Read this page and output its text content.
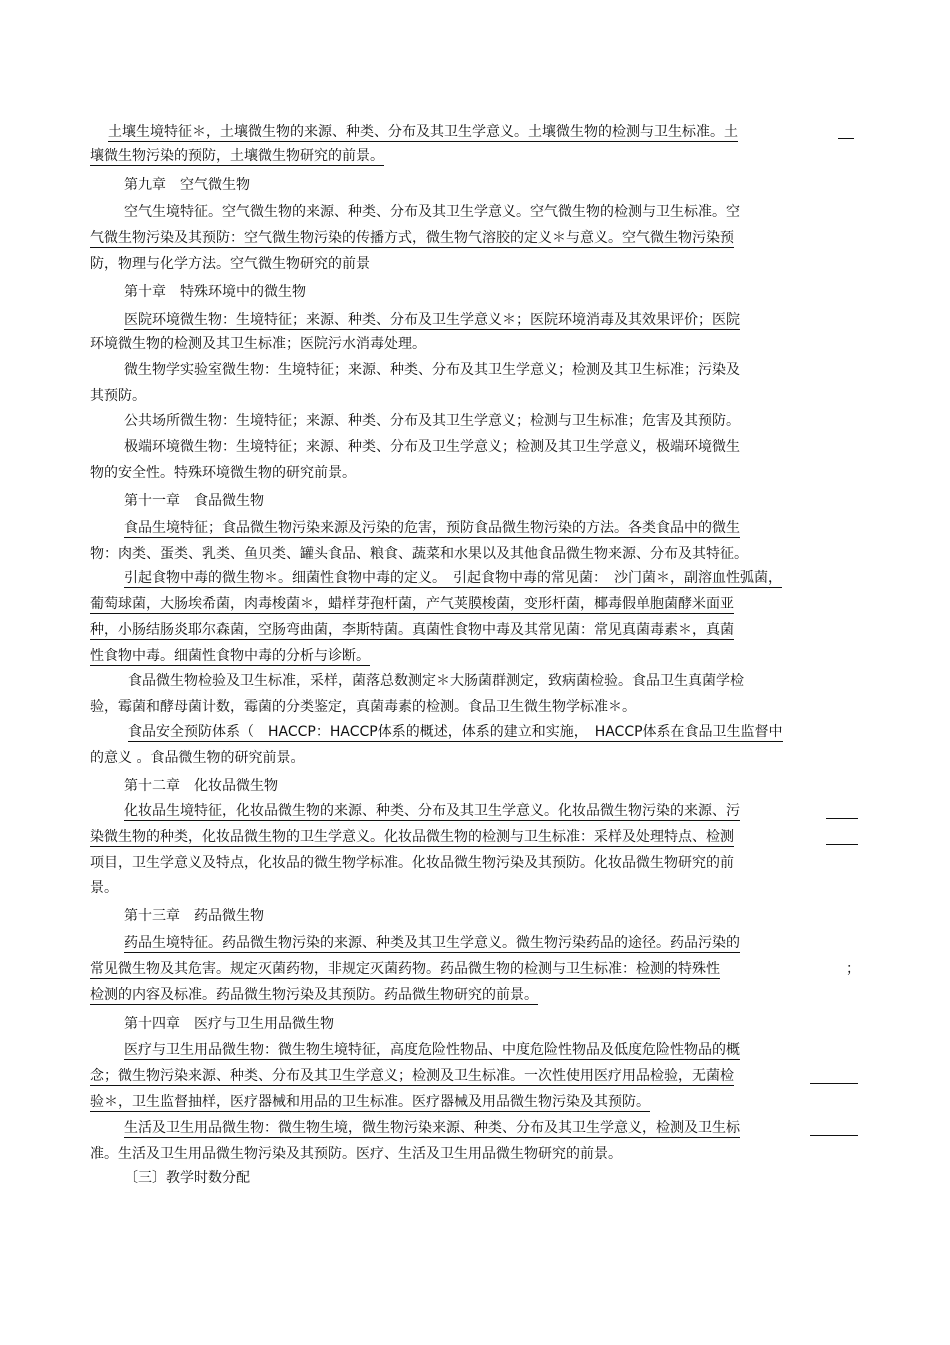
土壤生境特征＊，土壤微生物的来源、种类、分布及其卫生学意义。土壤微生物的检测与卫生标准。土
壤微生物污染的预防，土壤微生物研究的前景。
第九章　空气微生物
空气生境特征。空气微生物的来源、种类、分布及其卫生学意义。空气微生物的检测与卫生标准。空
气微生物污染及其预防：空气微生物污染的传播方式，微生物气溶胶的定义＊与意义。空气微生物污染预
防，物理与化学方法。空气微生物研究的前景
第十章　特殊环境中的微生物
医院环境微生物：生境特征；来源、种类、分布及卫生学意义＊；医院环境消毒及其效果评价；医院
环境微生物的检测及其卫生标准；医院污水消毒处理。
微生物学实验室微生物：生境特征；来源、种类、分布及其卫生学意义；检测及其卫生标准；污染及
其预防。
公共场所微生物：生境特征；来源、种类、分布及其卫生学意义；检测与卫生标准；危害及其预防。
极端环境微生物：生境特征；来源、种类、分布及卫生学意义；检测及其卫生学意义，极端环境微生
物的安全性。特殊环境微生物的研究前景。
第十一章　食品微生物
食品生境特征；食品微生物污染来源及污染的危害，预防食品微生物污染的方法。各类食品中的微生
物：肉类、蛋类、乳类、鱼贝类、罐头食品、粮食、蔬菜和水果以及其他食品微生物来源、分布及其特征。
引起食物中毒的微生物＊。细菌性食物中毒的定义。　引起食物中毒的常见菌：　沙门菌＊，副溶血性弧菌，
葡萄球菌，大肠埃希菌，肉毒梭菌＊，蜡样芽孢杆菌，产气荚膜梭菌，变形杆菌，椰毒假单胞菌酵米面亚
种，小肠结肠炎耶尔森菌，空肠弯曲菌，李斯特菌。真菌性食物中毒及其常见菌：常见真菌毒素＊，真菌
性食物中毒。细菌性食物中毒的分析与诊断。
食品微生物检验及卫生标准，采样，菌落总数测定＊大肠菌群测定，致病菌检验。食品卫生真菌学检
验，霉菌和酵母菌计数，霉菌的分类鉴定，真菌毒素的检测。食品卫生微生物学标准＊。
食品安全预防体系（　HACCP：HACCP体系的概述，体系的建立和实施，　HACCP体系在食品卫生监督中
的意义 。食品微生物的研究前景。
第十二章　化妆品微生物
化妆品生境特征，化妆品微生物的来源、种类、分布及其卫生学意义。化妆品微生物污染的来源、污
染微生物的种类，化妆品微生物的卫生学意义。化妆品微生物的检测与卫生标准：采样及处理特点、检测
项目，卫生学意义及特点，化妆品的微生物学标准。化妆品微生物污染及其预防。化妆品微生物研究的前
景。
第十三章　药品微生物
药品生境特征。药品微生物污染的来源、种类及其卫生学意义。微生物污染药品的途径。药品污染的
常见微生物及其危害。规定灭菌药物，非规定灭菌药物。药品微生物的检测与卫生标准：检测的特殊性	；
检测的内容及标准。药品微生物污染及其预防。药品微生物研究的前景。
第十四章　医疗与卫生用品微生物
医疗与卫生用品微生物：微生物生境特征，高度危险性物品、中度危险性物品及低度危险性物品的概
念；微生物污染来源、种类、分布及其卫生学意义；检测及卫生标准。一次性使用医疗用品检验，无菌检
验＊，卫生监督抽样，医疗器械和用品的卫生标准。医疗器械及用品微生物污染及其预防。
生活及卫生用品微生物：微生物生境，微生物污染来源、种类、分布及其卫生学意义，检测及卫生标
准。生活及卫生用品微生物污染及其预防。医疗、生活及卫生用品微生物研究的前景。
〔三〕教学时数分配
